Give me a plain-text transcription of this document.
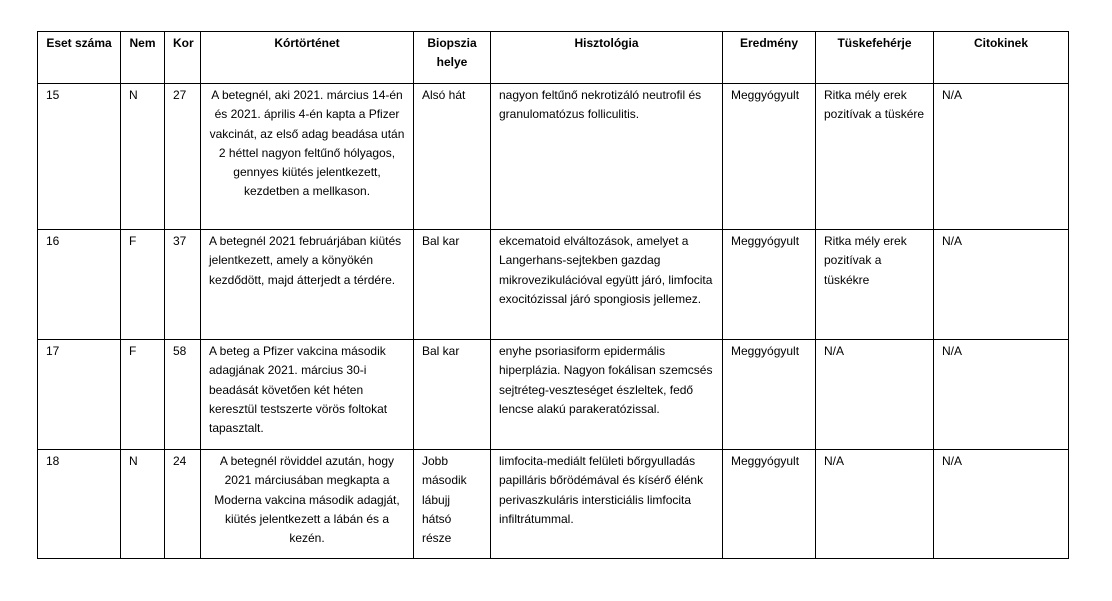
Eset száma	Nem	Kor	Kórtörténet	Biopszia helye	Hisztológia	Eredmény	Tüskefehérje	Citokinek
15	N	27	A betegnél, aki 2021. március 14-én és 2021. április 4-én kapta a Pfizer vakcinát, az első adag beadása után 2 héttel nagyon feltűnő hólyagos, gennyes kiütés jelentkezett, kezdetben a mellkason.	Alsó hát	nagyon feltűnő nekrotizáló neutrofil és granulomatózus folliculitis.	Meggyógyult	Ritka mély erek pozitívak a tüskére	N/A
16	F	37	A betegnél 2021 februárjában kiütés jelentkezett, amely a könyökén kezdődött, majd átterjedt a térdére.	Bal kar	ekcematoid elváltozások, amelyet a Langerhans-sejtekben gazdag mikrovezikulációval együtt járó, limfocita exocitózissal járó spongiosis jellemez.	Meggyógyult	Ritka mély erek pozitívak a tüskékre	N/A
17	F	58	A beteg a Pfizer vakcina második adagjának 2021. március 30-i beadását követően két héten keresztül testszerte vörös foltokat tapasztalt.	Bal kar	enyhe psoriasiform epidermális hiperplázia. Nagyon fokálisan szemcsés sejtréteg-veszteséget észleltek, fedő lencse alakú parakeratózissal.	Meggyógyult	N/A	N/A
18	N	24	A betegnél röviddel azután, hogy 2021 márciusában megkapta a Moderna vakcina második adagját, kiütés jelentkezett a lábán és a kezén.	Jobb második lábujj hátsó része	limfocita-mediált felületi bőrgyulladás papilláris bőrödémával és kísérő élénk perivaszkuláris intersticiális limfocita infiltrátummal.	Meggyógyult	N/A	N/A
